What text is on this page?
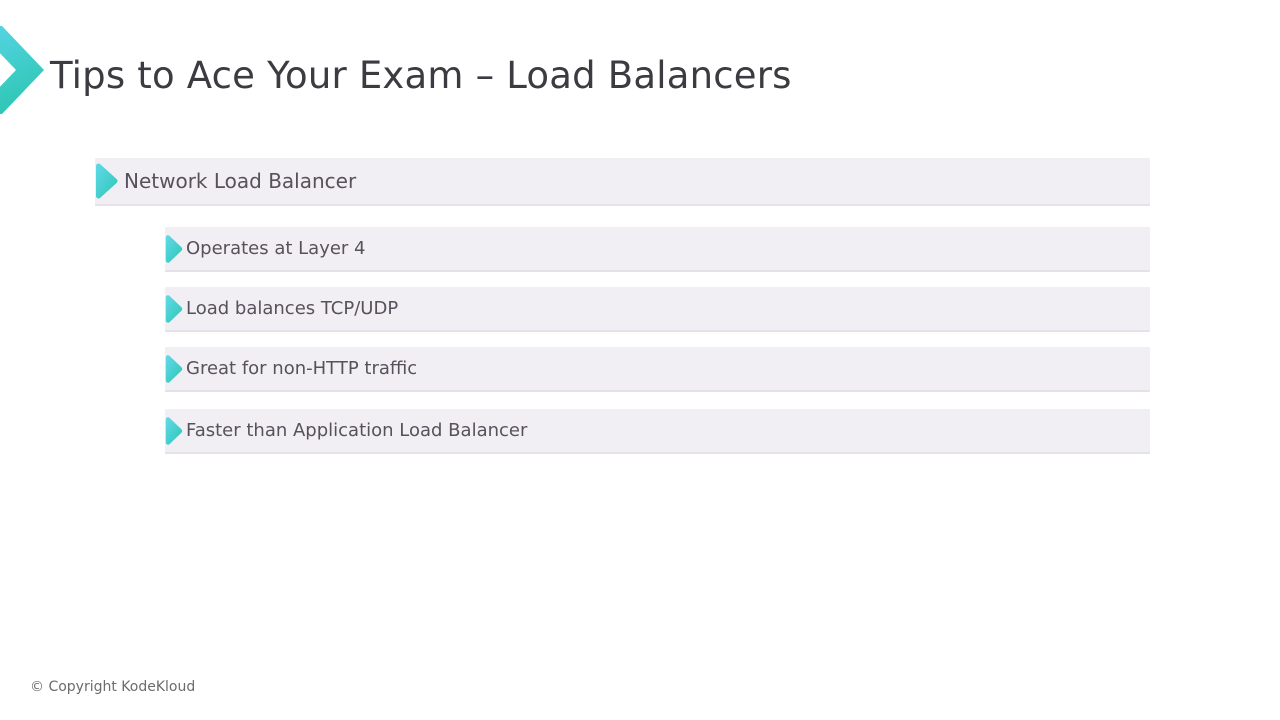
Tips to Ace Your Exam – Load Balancers
Network Load Balancer
Operates at Layer 4
Load balances TCP/UDP
Great for non-HTTP traffic
Faster than Application Load Balancer
© Copyright KodeKloud
